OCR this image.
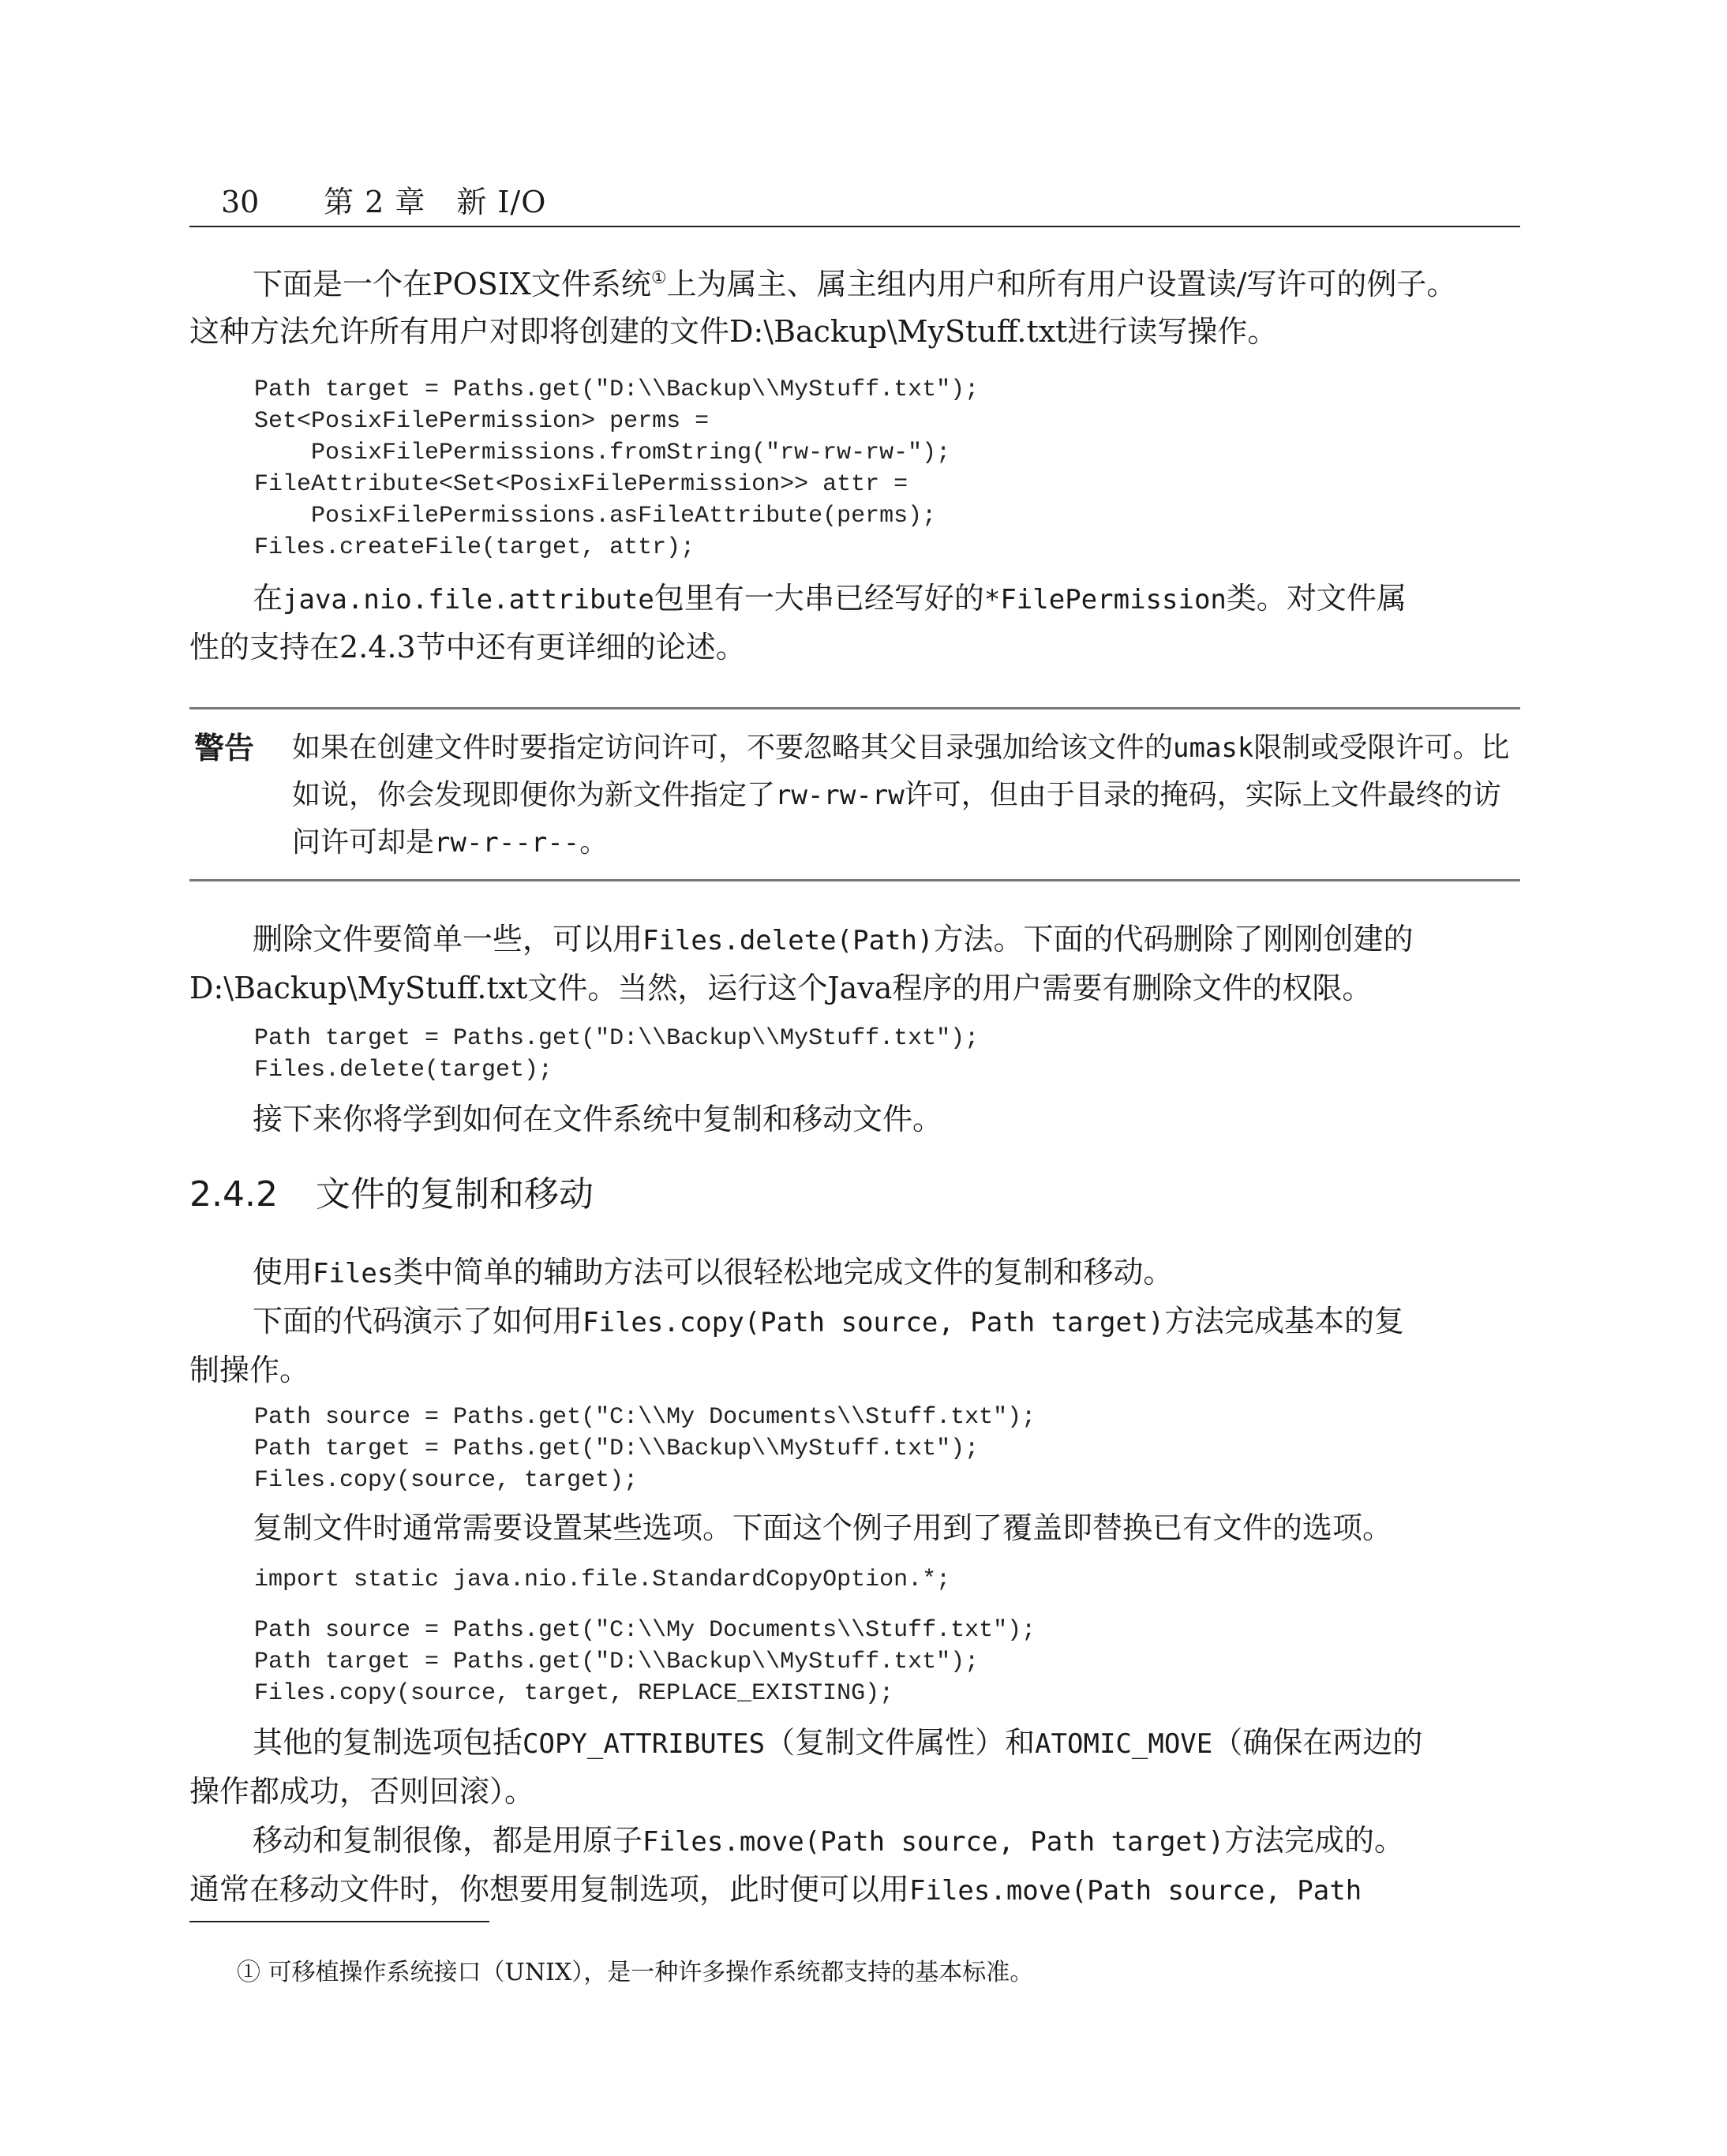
30 第 2 章　新 I/O

下面是一个在POSIX文件系统①上为属主、属主组内用户和所有用户设置读/写许可的例子。
这种方法允许所有用户对即将创建的文件D:\Backup\MyStuff.txt进行读写操作。

Path target = Paths.get("D:\\Backup\\MyStuff.txt");
Set<PosixFilePermission> perms =
PosixFilePermissions.fromString("rw-rw-rw-");
FileAttribute<Set<PosixFilePermission>> attr =
PosixFilePermissions.asFileAttribute(perms);
Files.createFile(target, attr);

在java.nio.file.attribute包里有一大串已经写好的*FilePermission类。对文件属
性的支持在2.4.3节中还有更详细的论述。

警告 如果在创建文件时要指定访问许可，不要忽略其父目录强加给该文件的umask限制或受限许可。比如说，你会发现即便你为新文件指定了rw-rw-rw许可，但由于目录的掩码，实际上文件最终的访问许可却是rw-r--r--。

删除文件要简单一些，可以用Files.delete(Path)方法。下面的代码删除了刚刚创建的
D:\Backup\MyStuff.txt文件。当然，运行这个Java程序的用户需要有删除文件的权限。

Path target = Paths.get("D:\\Backup\\MyStuff.txt");
Files.delete(target);

接下来你将学到如何在文件系统中复制和移动文件。

2.4.2 文件的复制和移动

使用Files类中简单的辅助方法可以很轻松地完成文件的复制和移动。

下面的代码演示了如何用Files.copy(Path source, Path target)方法完成基本的复
制操作。

Path source = Paths.get("C:\\My Documents\\Stuff.txt");
Path target = Paths.get("D:\\Backup\\MyStuff.txt");
Files.copy(source, target);

复制文件时通常需要设置某些选项。下面这个例子用到了覆盖即替换已有文件的选项。

import static java.nio.file.StandardCopyOption.*;
Path source = Paths.get("C:\\My Documents\\Stuff.txt");
Path target = Paths.get("D:\\Backup\\MyStuff.txt");
Files.copy(source, target, REPLACE_EXISTING);

其他的复制选项包括COPY_ATTRIBUTES（复制文件属性）和ATOMIC_MOVE（确保在两边的
操作都成功，否则回滚）。

移动和复制很像，都是用原子Files.move(Path source, Path target)方法完成的。
通常在移动文件时，你想要用复制选项，此时便可以用Files.move(Path source, Path

① 可移植操作系统接口（UNIX），是一种许多操作系统都支持的基本标准。
